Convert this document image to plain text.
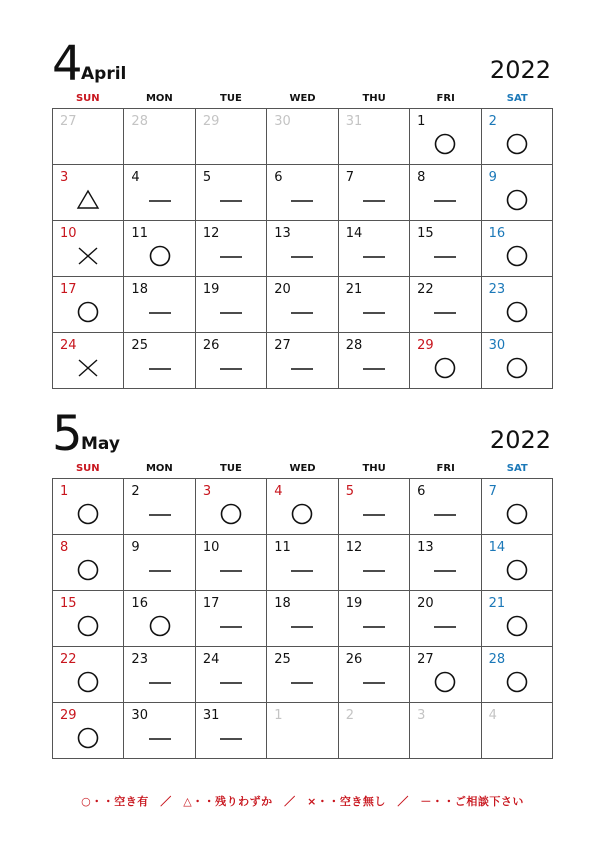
4
April	2022
SUN	MON	TUE	WED	THU	FRI	SAT
27	28	29	30	31	1	2
3	4	5	6	7	8	9
10	11	12	13	14	15	16
17	18	19	20	21	22	23
24	25	26	27	28	29	30
5
May	2022
SUN	MON	TUE	WED	THU	FRI	SAT
1	2	3	4	5	6	7
8	9	10	11	12	13	14
15	16	17	18	19	20	21
22	23	24	25	26	27	28
29	30	31	1	2	3	4
○・・空き有　／　△・・残りわずか　／　×・・空き無し　／　－・・ご相談下さい
